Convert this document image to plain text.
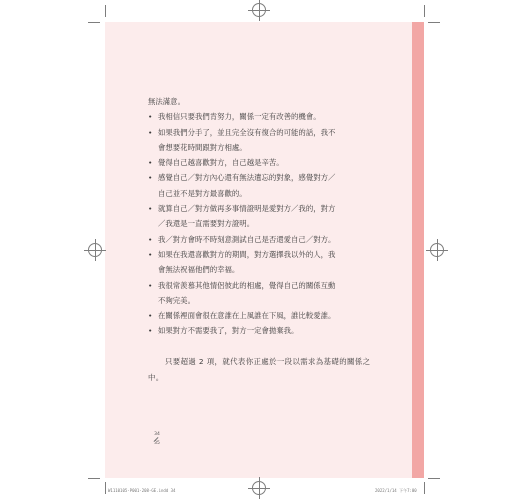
無法滿意。
• 我相信只要我們肯努力，關係一定有改善的機會。
• 如果我們分手了，並且完全沒有復合的可能的話，我不
會想要花時間跟對方相處。
• 覺得自己越喜歡對方，自己越是辛苦。
• 感覺自己／對方內心還有無法遺忘的對象，感覺對方／
自己並不是對方最喜歡的。
• 就算自己／對方做再多事情證明是愛對方／我的，對方
／我還是一直需要對方證明。
• 我／對方會時不時刻意測試自己是否還愛自己／對方。
• 如果在我還喜歡對方的期間，對方選擇我以外的人，我
會無法祝福他們的幸福。
• 我很常羨慕其他情侶彼此的相處，覺得自己的關係互動
不夠完美。
• 在關係裡面會很在意誰在上風誰在下風，誰比較愛誰。
• 如果對方不需要我了，對方一定會拋棄我。
只要超過 2 項，就代表你正處於一段以需求為基礎的關係之中。
34
35
W1110105-P001-208-GE.indd 34	2022/1/14 下午7:00
